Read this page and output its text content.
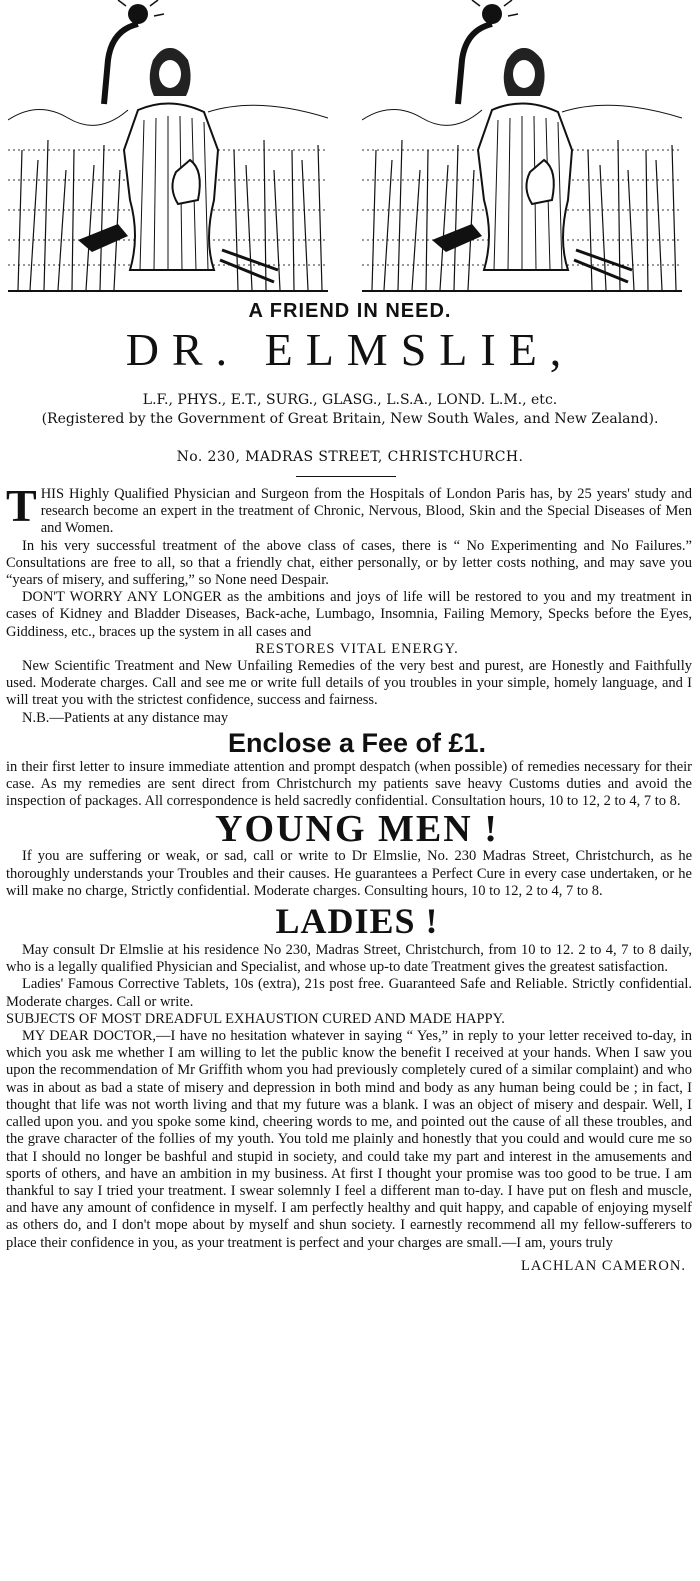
A FRIEND IN NEED.
DR. ELMSLIE,
L.F., PHYS., E.T., SURG., GLASG., L.S.A., LOND. L.M., etc.
(Registered by the Government of Great Britain, New South Wales, and New Zealand).
No. 230, MADRAS STREET, CHRISTCHURCH.

THIS Highly Qualified Physician and Surgeon from the Hospitals of London Paris has, by 25 years' study and research become an expert in the treatment of Chronic, Nervous, Blood, Skin and the Special Diseases of Men and Women.

In his very successful treatment of the above class of cases, there is “ No Experimenting and No Failures.” Consultations are free to all, so that a friendly chat, either personally, or by letter costs nothing, and may save you “years of misery, and suffering,” so None need Despair.

DON'T WORRY ANY LONGER as the ambitions and joys of life will be restored to you and my treatment in cases of Kidney and Bladder Diseases, Back-ache, Lumbago, Insomnia, Failing Memory, Specks before the Eyes, Giddiness, etc., braces up the system in all cases and

RESTORES VITAL ENERGY.

New Scientific Treatment and New Unfailing Remedies of the very best and purest, are Honestly and Faithfully used. Moderate charges. Call and see me or write full details of you troubles in your simple, homely language, and I will treat you with the strictest confidence, success and fairness.

N.B.—Patients at any distance may

Enclose a Fee of £1.

in their first letter to insure immediate attention and prompt despatch (when possible) of remedies necessary for their case. As my remedies are sent direct from Christchurch my patients save heavy Customs duties and avoid the inspection of packages. All correspondence is held sacredly confidential. Consultation hours, 10 to 12, 2 to 4, 7 to 8.

YOUNG MEN !

If you are suffering or weak, or sad, call or write to Dr Elmslie, No. 230 Madras Street, Christchurch, as he thoroughly understands your Troubles and their causes. He guarantees a Perfect Cure in every case undertaken, or he will make no charge, Strictly confidential. Moderate charges. Consulting hours, 10 to 12, 2 to 4, 7 to 8.

LADIES !

May consult Dr Elmslie at his residence No 230, Madras Street, Christchurch, from 10 to 12. 2 to 4, 7 to 8 daily, who is a legally qualified Physician and Specialist, and whose up-to date Treatment gives the greatest satisfaction.

Ladies' Famous Corrective Tablets, 10s (extra), 21s post free. Guaranteed Safe and Reliable. Strictly confidential. Moderate charges. Call or write.

SUBJECTS OF MOST DREADFUL EXHAUSTION CURED AND MADE HAPPY.

MY DEAR DOCTOR,—I have no hesitation whatever in saying “ Yes,” in reply to your letter received to-day, in which you ask me whether I am willing to let the public know the benefit I received at your hands. When I saw you upon the recommendation of Mr Griffith whom you had previously completely cured of a similar complaint) and who was in about as bad a state of misery and depression in both mind and body as any human being could be ; in fact, I thought that life was not worth living and that my future was a blank. I was an object of misery and despair. Well, I called upon you. and you spoke some kind, cheering words to me, and pointed out the cause of all these troubles, and the grave character of the follies of my youth. You told me plainly and honestly that you could and would cure me so that I should no longer be bashful and stupid in society, and could take my part and interest in the amusements and sports of others, and have an ambition in my business. At first I thought your promise was too good to be true. I am thankful to say I tried your treatment. I swear solemnly I feel a different man to-day. I have put on flesh and muscle, and have any amount of confidence in myself. I am perfectly healthy and quit happy, and capable of enjoying myself as others do, and I don't mope about by myself and shun society. I earnestly recommend all my fellow-sufferers to place their confidence in you, as your treatment is perfect and your charges are small.—I am, yours truly

LACHLAN CAMERON.
